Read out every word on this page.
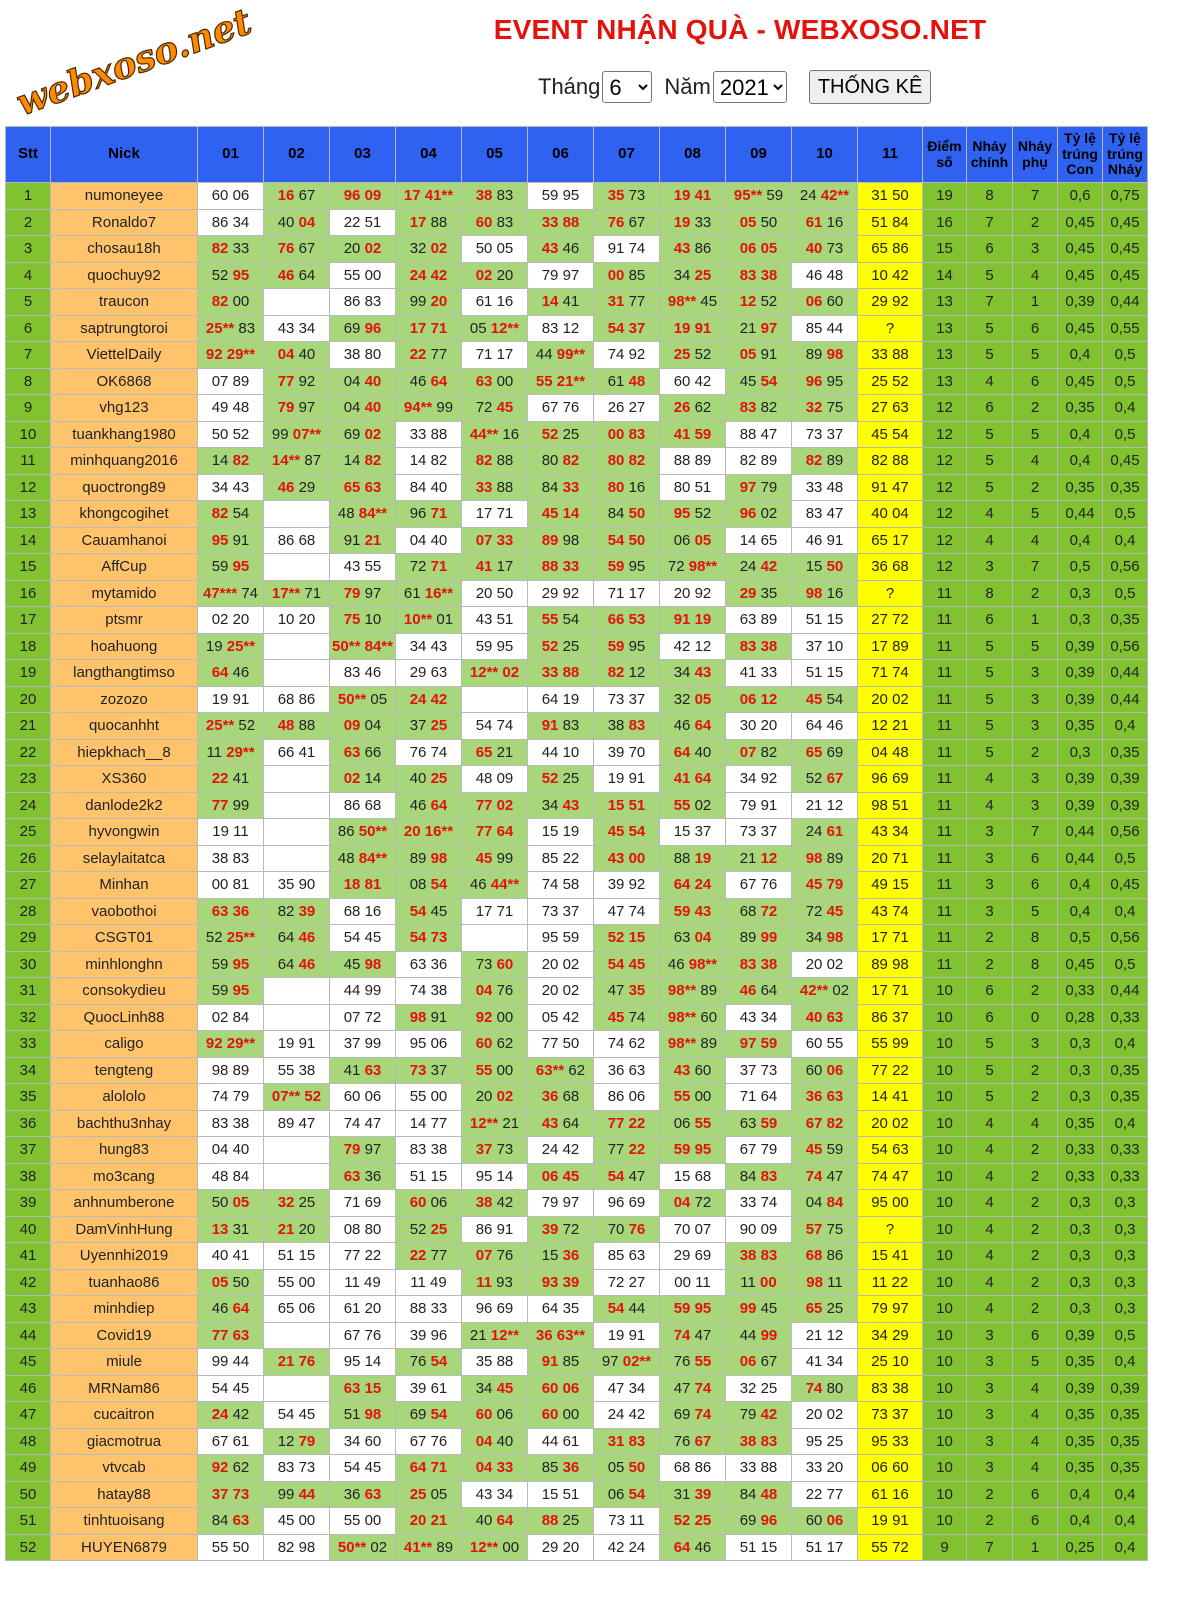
webxoso.net	EVENT NHẬN QUÀ - WEBXOSO.NET
Tháng
6	Năm
2021	THỐNG KÊ
Stt	Nick	01	02	03	04	05	06	07	08	09	10	11	Điểm số	Nháy chính	Nháy phụ	Tỷ lệ trúng Con	Tỷ lệ trúng Nháy
1	numoneyee	60 06	16 67	96 09	17 41**	38 83	59 95	35 73	19 41	95** 59	24 42**	31 50	19	8	7	0,6	0,75
2	Ronaldo7	86 34	40 04	22 51	17 88	60 83	33 88	76 67	19 33	05 50	61 16	51 84	16	7	2	0,45	0,45
3	chosau18h	82 33	76 67	20 02	32 02	50 05	43 46	91 74	43 86	06 05	40 73	65 86	15	6	3	0,45	0,45
4	quochuy92	52 95	46 64	55 00	24 42	02 20	79 97	00 85	34 25	83 38	46 48	10 42	14	5	4	0,45	0,45
5	traucon	82 00		86 83	99 20	61 16	14 41	31 77	98** 45	12 52	06 60	29 92	13	7	1	0,39	0,44
6	saptrungtoroi	25** 83	43 34	69 96	17 71	05 12**	83 12	54 37	19 91	21 97	85 44	?	13	5	6	0,45	0,55
7	ViettelDaily	92 29**	04 40	38 80	22 77	71 17	44 99**	74 92	25 52	05 91	89 98	33 88	13	5	5	0,4	0,5
8	OK6868	07 89	77 92	04 40	46 64	63 00	55 21**	61 48	60 42	45 54	96 95	25 52	13	4	6	0,45	0,5
9	vhg123	49 48	79 97	04 40	94** 99	72 45	67 76	26 27	26 62	83 82	32 75	27 63	12	6	2	0,35	0,4
10	tuankhang1980	50 52	99 07**	69 02	33 88	44** 16	52 25	00 83	41 59	88 47	73 37	45 54	12	5	5	0,4	0,5
11	minhquang2016	14 82	14** 87	14 82	14 82	82 88	80 82	80 82	88 89	82 89	82 89	82 88	12	5	4	0,4	0,45
12	quoctrong89	34 43	46 29	65 63	84 40	33 88	84 33	80 16	80 51	97 79	33 48	91 47	12	5	2	0,35	0,35
13	khongcogihet	82 54		48 84**	96 71	17 71	45 14	84 50	95 52	96 02	83 47	40 04	12	4	5	0,44	0,5
14	Cauamhanoi	95 91	86 68	91 21	04 40	07 33	89 98	54 50	06 05	14 65	46 91	65 17	12	4	4	0,4	0,4
15	AffCup	59 95		43 55	72 71	41 17	88 33	59 95	72 98**	24 42	15 50	36 68	12	3	7	0,5	0,56
16	mytamido	47*** 74	17** 71	79 97	61 16**	20 50	29 92	71 17	20 92	29 35	98 16	?	11	8	2	0,3	0,5
17	ptsmr	02 20	10 20	75 10	10** 01	43 51	55 54	66 53	91 19	63 89	51 15	27 72	11	6	1	0,3	0,35
18	hoahuong	19 25**		50** 84**	34 43	59 95	52 25	59 95	42 12	83 38	37 10	17 89	11	5	5	0,39	0,56
19	langthangtimso	64 46		83 46	29 63	12** 02	33 88	82 12	34 43	41 33	51 15	71 74	11	5	3	0,39	0,44
20	zozozo	19 91	68 86	50** 05	24 42		64 19	73 37	32 05	06 12	45 54	20 02	11	5	3	0,39	0,44
21	quocanhht	25** 52	48 88	09 04	37 25	54 74	91 83	38 83	46 64	30 20	64 46	12 21	11	5	3	0,35	0,4
22	hiepkhach__8	11 29**	66 41	63 66	76 74	65 21	44 10	39 70	64 40	07 82	65 69	04 48	11	5	2	0,3	0,35
23	XS360	22 41		02 14	40 25	48 09	52 25	19 91	41 64	34 92	52 67	96 69	11	4	3	0,39	0,39
24	danlode2k2	77 99		86 68	46 64	77 02	34 43	15 51	55 02	79 91	21 12	98 51	11	4	3	0,39	0,39
25	hyvongwin	19 11		86 50**	20 16**	77 64	15 19	45 54	15 37	73 37	24 61	43 34	11	3	7	0,44	0,56
26	selaylaitatca	38 83		48 84**	89 98	45 99	85 22	43 00	88 19	21 12	98 89	20 71	11	3	6	0,44	0,5
27	Minhan	00 81	35 90	18 81	08 54	46 44**	74 58	39 92	64 24	67 76	45 79	49 15	11	3	6	0,4	0,45
28	vaobothoi	63 36	82 39	68 16	54 45	17 71	73 37	47 74	59 43	68 72	72 45	43 74	11	3	5	0,4	0,4
29	CSGT01	52 25**	64 46	54 45	54 73		95 59	52 15	63 04	89 99	34 98	17 71	11	2	8	0,5	0,56
30	minhlonghn	59 95	64 46	45 98	63 36	73 60	20 02	54 45	46 98**	83 38	20 02	89 98	11	2	8	0,45	0,5
31	consokydieu	59 95		44 99	74 38	04 76	20 02	47 35	98** 89	46 64	42** 02	17 71	10	6	2	0,33	0,44
32	QuocLinh88	02 84		07 72	98 91	92 00	05 42	45 74	98** 60	43 34	40 63	86 37	10	6	0	0,28	0,33
33	caligo	92 29**	19 91	37 99	95 06	60 62	77 50	74 62	98** 89	97 59	60 55	55 99	10	5	3	0,3	0,4
34	tengteng	98 89	55 38	41 63	73 37	55 00	63** 62	36 63	43 60	37 73	60 06	77 22	10	5	2	0,3	0,35
35	alololo	74 79	07** 52	60 06	55 00	20 02	36 68	86 06	55 00	71 64	36 63	14 41	10	5	2	0,3	0,35
36	bachthu3nhay	83 38	89 47	74 47	14 77	12** 21	43 64	77 22	06 55	63 59	67 82	20 02	10	4	4	0,35	0,4
37	hung83	04 40		79 97	83 38	37 73	24 42	77 22	59 95	67 79	45 59	54 63	10	4	2	0,33	0,33
38	mo3cang	48 84		63 36	51 15	95 14	06 45	54 47	15 68	84 83	74 47	74 47	10	4	2	0,33	0,33
39	anhnumberone	50 05	32 25	71 69	60 06	38 42	79 97	96 69	04 72	33 74	04 84	95 00	10	4	2	0,3	0,3
40	DamVinhHung	13 31	21 20	08 80	52 25	86 91	39 72	70 76	70 07	90 09	57 75	?	10	4	2	0,3	0,3
41	Uyennhi2019	40 41	51 15	77 22	22 77	07 76	15 36	85 63	29 69	38 83	68 86	15 41	10	4	2	0,3	0,3
42	tuanhao86	05 50	55 00	11 49	11 49	11 93	93 39	72 27	00 11	11 00	98 11	11 22	10	4	2	0,3	0,3
43	minhdiep	46 64	65 06	61 20	88 33	96 69	64 35	54 44	59 95	99 45	65 25	79 97	10	4	2	0,3	0,3
44	Covid19	77 63		67 76	39 96	21 12**	36 63**	19 91	74 47	44 99	21 12	34 29	10	3	6	0,39	0,5
45	miule	99 44	21 76	95 14	76 54	35 88	91 85	97 02**	76 55	06 67	41 34	25 10	10	3	5	0,35	0,4
46	MRNam86	54 45		63 15	39 61	34 45	60 06	47 34	47 74	32 25	74 80	83 38	10	3	4	0,39	0,39
47	cucaitron	24 42	54 45	51 98	69 54	60 06	60 00	24 42	69 74	79 42	20 02	73 37	10	3	4	0,35	0,35
48	giacmotrua	67 61	12 79	34 60	67 76	04 40	44 61	31 83	76 67	38 83	95 25	95 33	10	3	4	0,35	0,35
49	vtvcab	92 62	83 73	54 45	64 71	04 33	85 36	05 50	68 86	33 88	33 20	06 60	10	3	4	0,35	0,35
50	hatay88	37 73	99 44	36 63	25 05	43 34	15 51	06 54	31 39	84 48	22 77	61 16	10	2	6	0,4	0,4
51	tinhtuoisang	84 63	45 00	55 00	20 21	40 64	88 25	73 11	52 25	69 96	60 06	19 91	10	2	6	0,4	0,4
52	HUYEN6879	55 50	82 98	50** 02	41** 89	12** 00	29 20	42 24	64 46	51 15	51 17	55 72	9	7	1	0,25	0,4
